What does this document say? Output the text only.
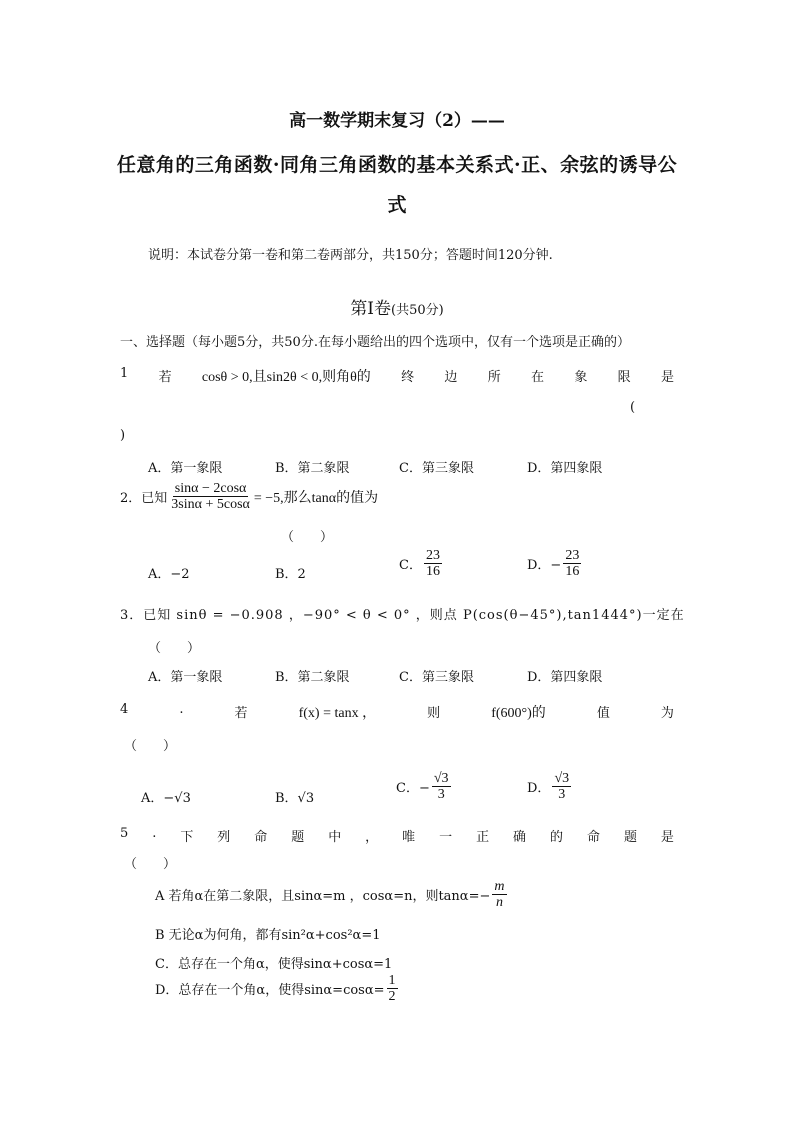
高一数学期末复习（2）——
任意角的三角函数·同角三角函数的基本关系式·正、余弦的诱导公
式
说明：本试卷分第一卷和第二卷两部分，共150分；答题时间120分钟.
第Ⅰ卷(共50分)
一、选择题（每小题5分，共50分.在每小题给出的四个选项中，仅有一个选项是正确的）
1 若 cosθ > 0,且sin2θ < 0,则角θ的 终 边 所 在 象 限 是
(
)
A．第一象限	B．第二象限	C．第三象限	D．第四象限
2．已知 $\frac{\sin\alpha - 2\cos\alpha}{3\sin\alpha + 5\cos\alpha} = -5$,那么tanα的值为
（　　）
A．−2	B．2
C． $\frac{23}{16}$	D．− $\frac{23}{16}$
3．已知 sinθ = −0.908 ，−90° < θ < 0° ，则点 P(cos(θ−45°),tan1444°)一定在
（　　）
A．第一象限	B．第二象限	C．第三象限	D．第四象限
4	.	若	f(x) = tanx ，	则	f(600°)的	值	为
（　　）
A．−√3	B．√3
C．− $\frac{√3}{3}$	D． $\frac{√3}{3}$
5 . 下 列 命 题 中 ， 唯 一 正 确 的 命 题 是
（　　）
A 若角α在第二象限，且sinα=m ，cosα=n，则$\tan\alpha=- \frac{m}{n}$
B 无论α为何角，都有sin²α+cos²α=1
C．总存在一个角α，使得sinα+cosα=1
D．总存在一个角α，使得$\sin\alpha=\cos\alpha= \frac{1}{2}$
